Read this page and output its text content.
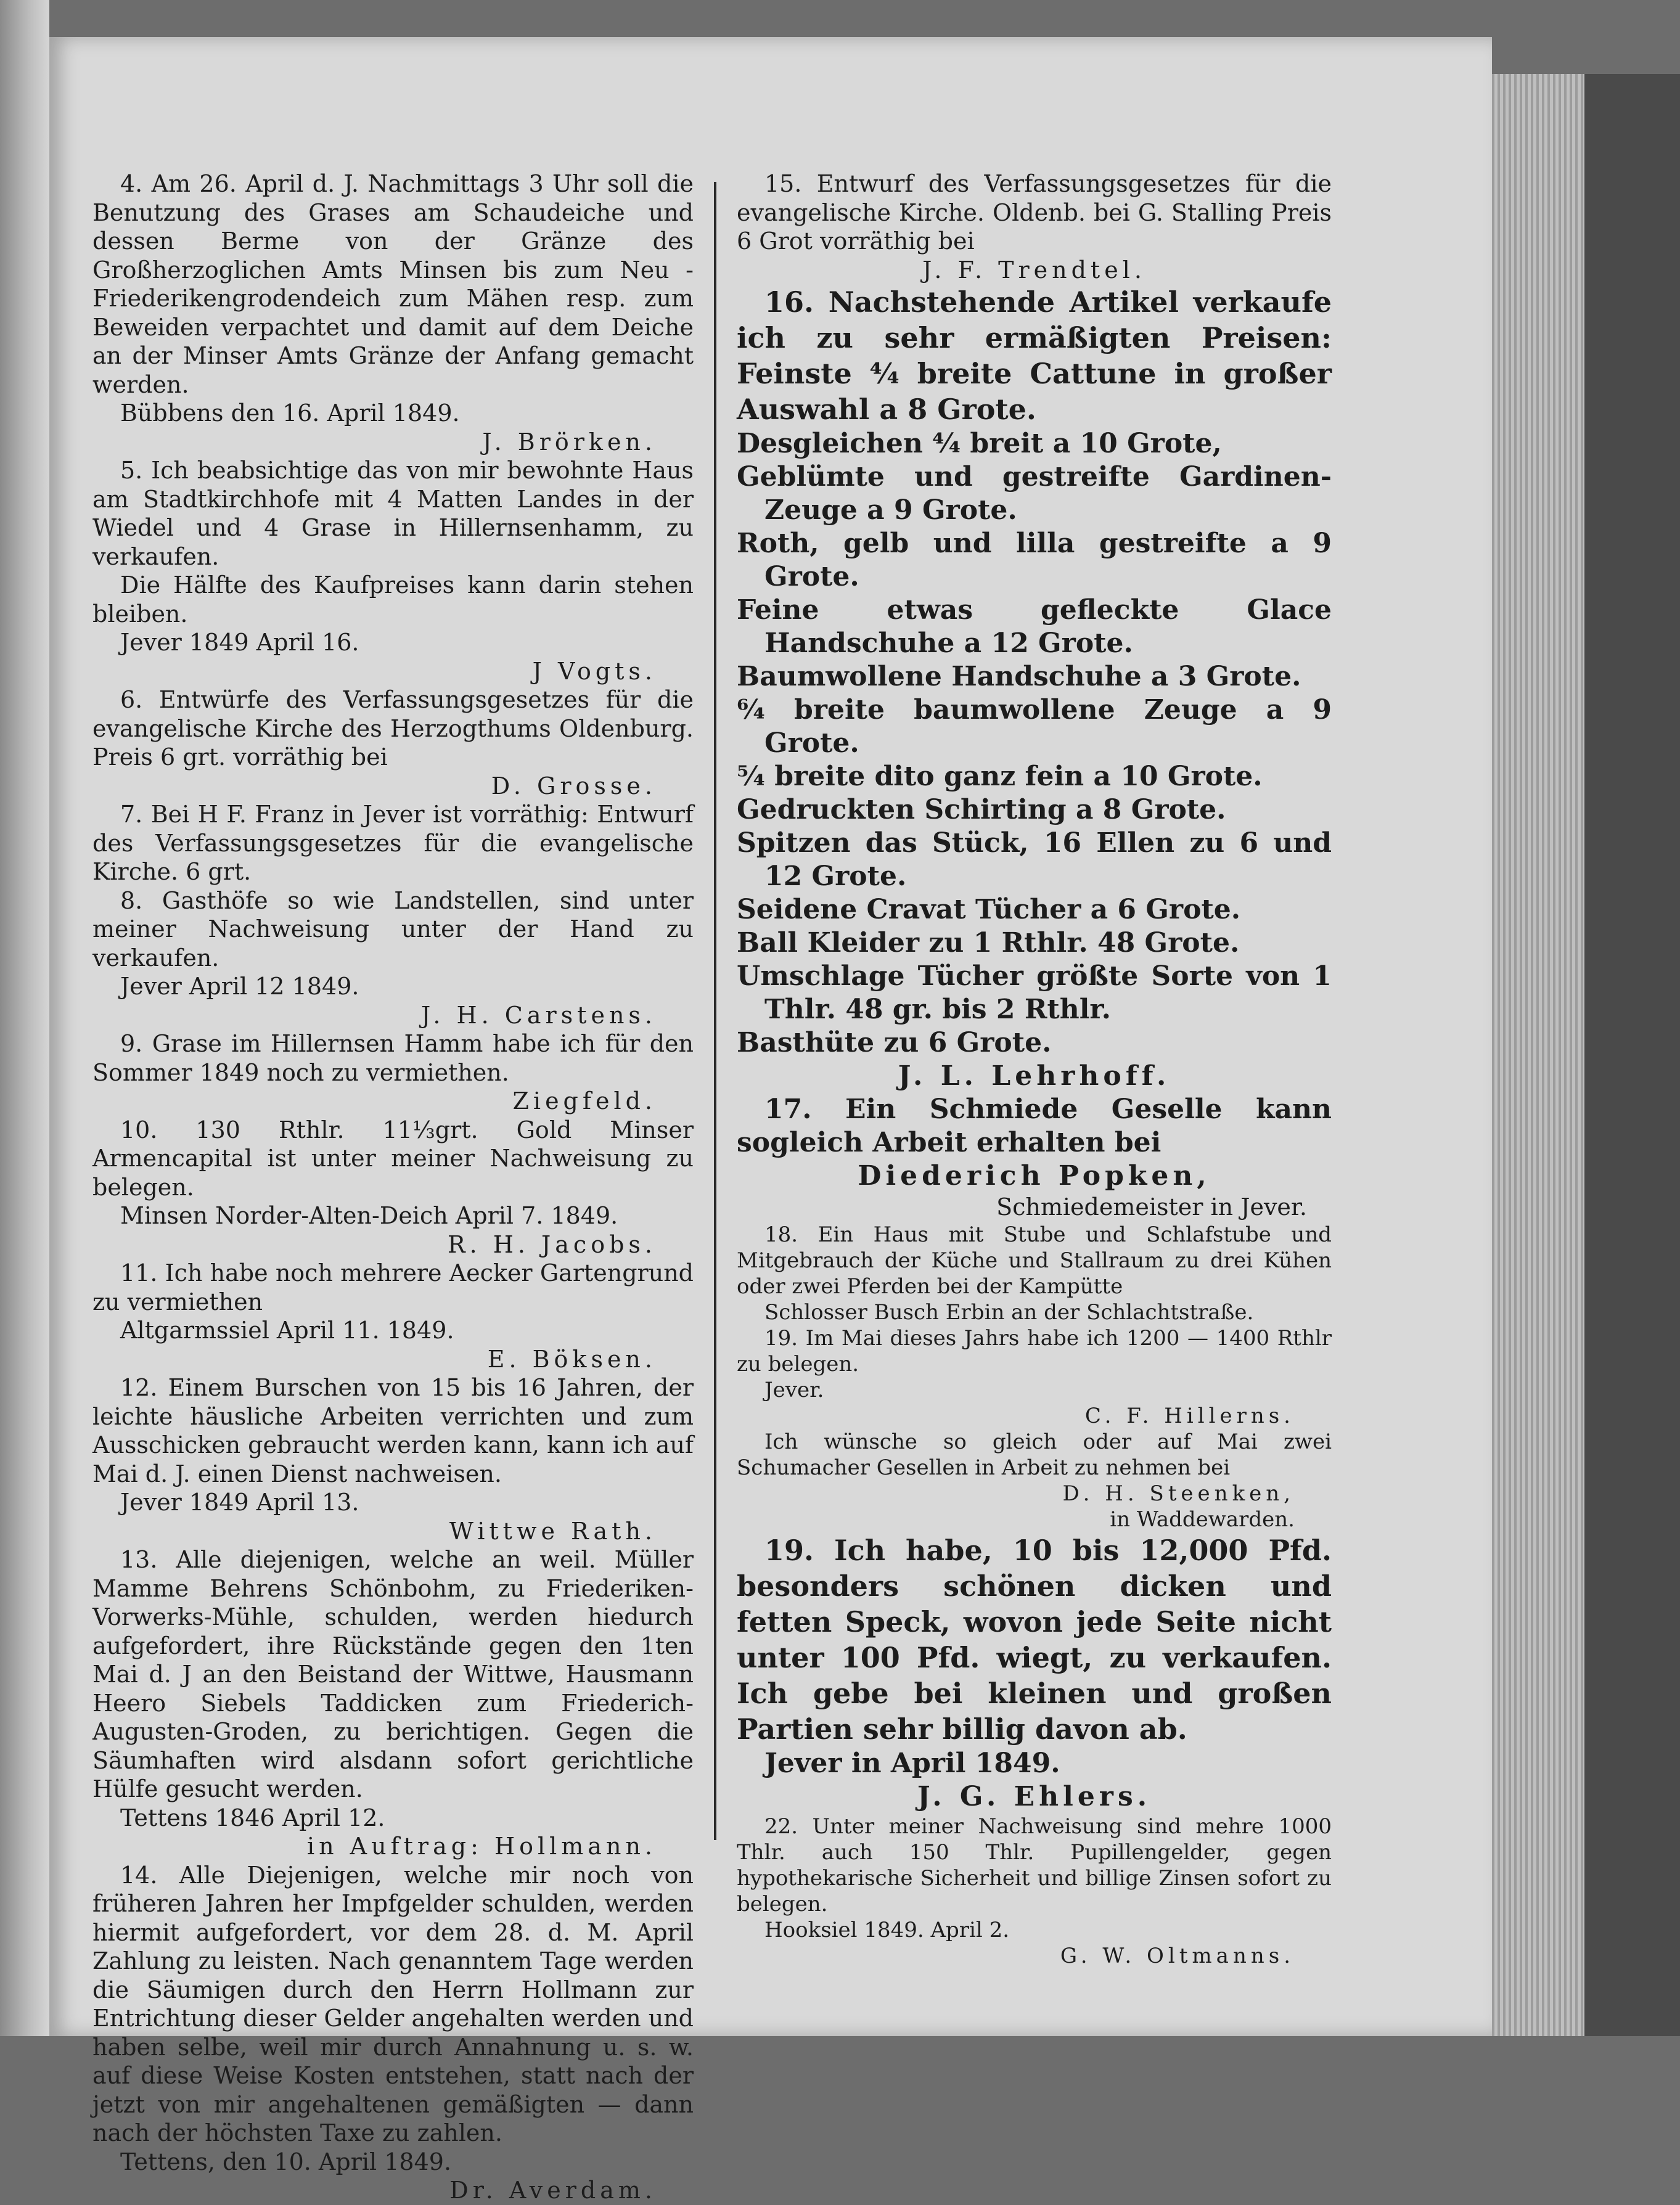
4. Am 26. April d. J. Nachmittags 3 Uhr soll die Benutzung des Grases am Schaudeiche und dessen Berme von der Gränze des Großherzoglichen Amts Minsen bis zum Neu - Friederikengrodendeich zum Mähen resp. zum Beweiden verpachtet und damit auf dem Deiche an der Minser Amts Gränze der Anfang gemacht werden.

Bübbens den 16. April 1849.

J. Brörken.

5. Ich beabsichtige das von mir bewohnte Haus am Stadtkirchhofe mit 4 Matten Landes in der Wiedel und 4 Grase in Hillernsenhamm, zu verkaufen.

Die Hälfte des Kaufpreises kann darin stehen bleiben.

Jever 1849 April 16.

J Vogts.

6. Entwürfe des Verfassungsgesetzes für die evangelische Kirche des Herzogthums Oldenburg. Preis 6 grt. vorräthig bei

D. Grosse.

7. Bei H F. Franz in Jever ist vorräthig: Entwurf des Verfassungsgesetzes für die evangelische Kirche. 6 grt.

8. Gasthöfe so wie Landstellen, sind unter meiner Nachweisung unter der Hand zu verkaufen.

Jever April 12 1849.

J. H. Carstens.

9. Grase im Hillernsen Hamm habe ich für den Sommer 1849 noch zu vermiethen.

Ziegfeld.

10. 130 Rthlr. 11⅓grt. Gold Minser Armencapital ist unter meiner Nachweisung zu belegen.

Minsen Norder-Alten-Deich April 7. 1849.

R. H. Jacobs.

11. Ich habe noch mehrere Aecker Gartengrund zu vermiethen

Altgarmssiel April 11. 1849.

E. Böksen.

12. Einem Burschen von 15 bis 16 Jahren, der leichte häusliche Arbeiten verrichten und zum Ausschicken gebraucht werden kann, kann ich auf Mai d. J. einen Dienst nachweisen.

Jever 1849 April 13.

Wittwe Rath.

13. Alle diejenigen, welche an weil. Müller Mamme Behrens Schönbohm, zu Friederiken-Vorwerks-Mühle, schulden, werden hiedurch aufgefordert, ihre Rückstände gegen den 1ten Mai d. J an den Beistand der Wittwe, Hausmann Heero Siebels Taddicken zum Friederich-Augusten-Groden, zu berichtigen. Gegen die Säumhaften wird alsdann sofort gerichtliche Hülfe gesucht werden.

Tettens 1846 April 12.

in Auftrag: Hollmann.

14. Alle Diejenigen, welche mir noch von früheren Jahren her Impfgelder schulden, werden hiermit aufgefordert, vor dem 28. d. M. April Zahlung zu leisten. Nach genanntem Tage werden die Säumigen durch den Herrn Hollmann zur Entrichtung dieser Gelder angehalten werden und haben selbe, weil mir durch Annahnung u. s. w. auf diese Weise Kosten entstehen, statt nach der jetzt von mir angehaltenen gemäßigten — dann nach der höchsten Taxe zu zahlen.

Tettens, den 10. April 1849.

Dr. Averdam.

15. Entwurf des Verfassungsgesetzes für die evangelische Kirche. Oldenb. bei G. Stalling Preis 6 Grot vorräthig bei

J. F. Trendtel.

16. Nachstehende Artikel verkaufe ich zu sehr ermäßigten Preisen: Feinste ⁴⁄₄ breite Cattune in großer Auswahl a 8 Grote.

Desgleichen ⁴⁄₄ breit a 10 Grote,

Geblümte und gestreifte Gardinen-Zeuge a 9 Grote.

Roth, gelb und lilla gestreifte a 9 Grote.

Feine etwas gefleckte Glace Handschuhe a 12 Grote.

Baumwollene Handschuhe a 3 Grote.

⁶⁄₄ breite baumwollene Zeuge a 9 Grote.

⁵⁄₄ breite dito ganz fein a 10 Grote.

Gedruckten Schirting a 8 Grote.

Spitzen das Stück, 16 Ellen zu 6 und 12 Grote.

Seidene Cravat Tücher a 6 Grote.

Ball Kleider zu 1 Rthlr. 48 Grote.

Umschlage Tücher größte Sorte von 1 Thlr. 48 gr. bis 2 Rthlr.

Basthüte zu 6 Grote.

J. L. Lehrhoff.

17. Ein Schmiede Geselle kann sogleich Arbeit erhalten bei

Diederich Popken,

Schmiedemeister in Jever.

18. Ein Haus mit Stube und Schlafstube und Mitgebrauch der Küche und Stallraum zu drei Kühen oder zwei Pferden bei der Kampütte

Schlosser Busch Erbin an der Schlachtstraße.

19. Im Mai dieses Jahrs habe ich 1200 — 1400 Rthlr zu belegen.

Jever.

C. F. Hillerns.

Ich wünsche so gleich oder auf Mai zwei Schumacher Gesellen in Arbeit zu nehmen bei

D. H. Steenken,

in Waddewarden.

19. Ich habe, 10 bis 12,000 Pfd. besonders schönen dicken und fetten Speck, wovon jede Seite nicht unter 100 Pfd. wiegt, zu verkaufen. Ich gebe bei kleinen und großen Partien sehr billig davon ab.

Jever in April 1849.

J. G. Ehlers.

22. Unter meiner Nachweisung sind mehre 1000 Thlr. auch 150 Thlr. Pupillengelder, gegen hypothekarische Sicherheit und billige Zinsen sofort zu belegen.

Hooksiel 1849. April 2.

G. W. Oltmanns.
